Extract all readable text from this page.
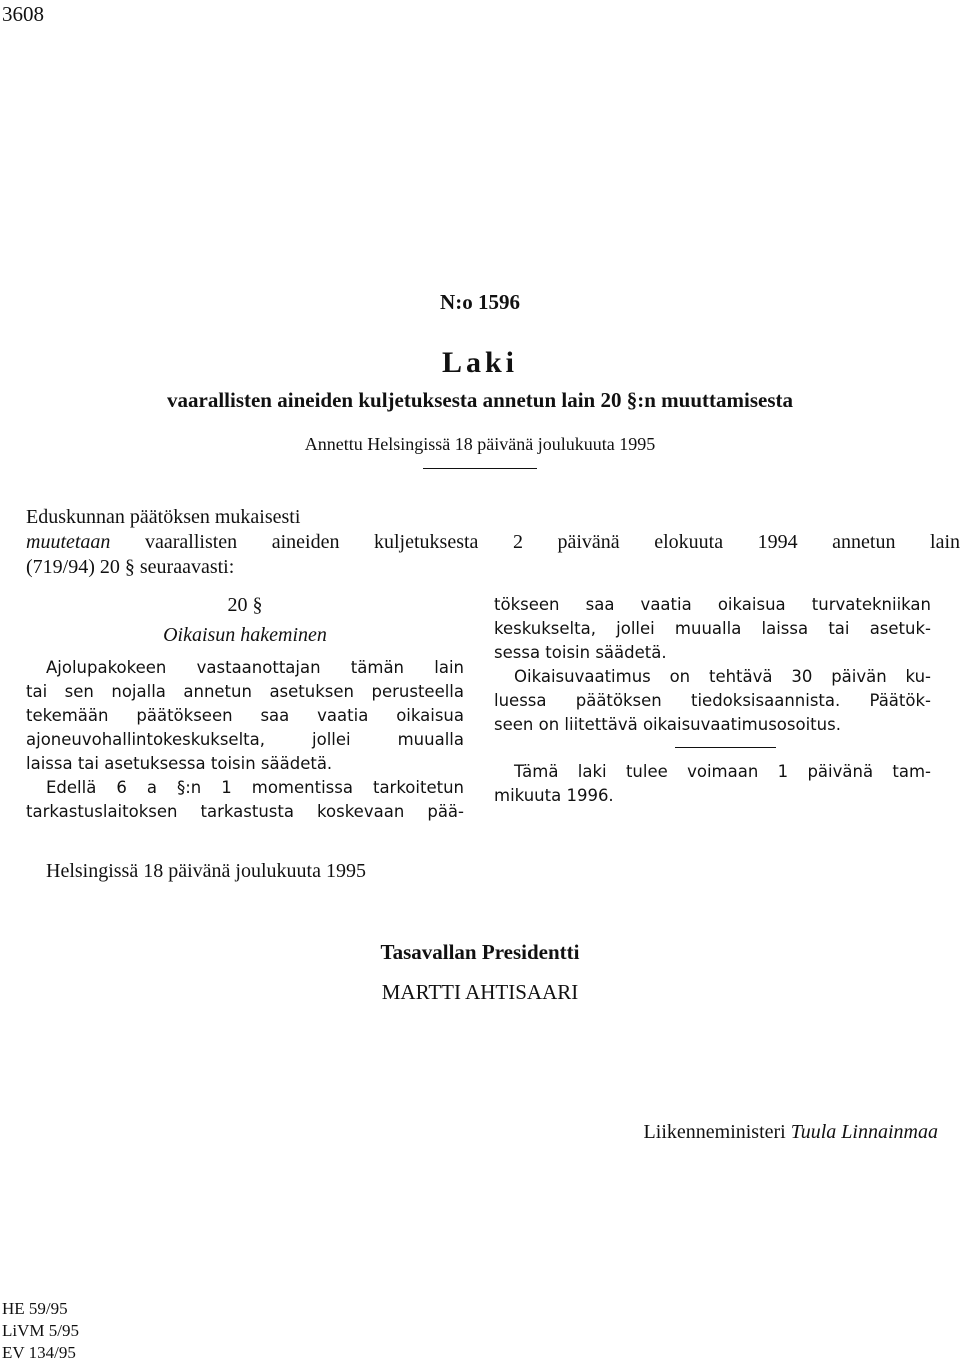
3608
N:o 1596
Laki
vaarallisten aineiden kuljetuksesta annetun lain 20 §:n muuttamisesta
Annettu Helsingissä 18 päivänä joulukuuta 1995
Eduskunnan päätöksen mukaisesti
muutetaan vaarallisten aineiden kuljetuksesta 2 päivänä elokuuta 1994 annetun lain
(719/94) 20 § seuraavasti:
20 §
Oikaisun hakeminen
Ajolupakokeen vastaanottajan tämän lain
tai sen nojalla annetun asetuksen perusteella
tekemään päätökseen saa vaatia oikaisua
ajoneuvohallintokeskukselta, jollei muualla
laissa tai asetuksessa toisin säädetä.
Edellä 6 a §:n 1 momentissa tarkoitetun
tarkastuslaitoksen tarkastusta koskevaan pää-
tökseen saa vaatia oikaisua turvatekniikan
keskukselta, jollei muualla laissa tai asetuk-
sessa toisin säädetä.
Oikaisuvaatimus on tehtävä 30 päivän ku-
luessa päätöksen tiedoksisaannista. Päätök-
seen on liitettävä oikaisuvaatimusosoitus.
Tämä laki tulee voimaan 1 päivänä tam-
mikuuta 1996.
Helsingissä 18 päivänä joulukuuta 1995
Tasavallan Presidentti
MARTTI AHTISAARI
Liikenneministeri Tuula Linnainmaa
HE 59/95
LiVM 5/95
EV 134/95
